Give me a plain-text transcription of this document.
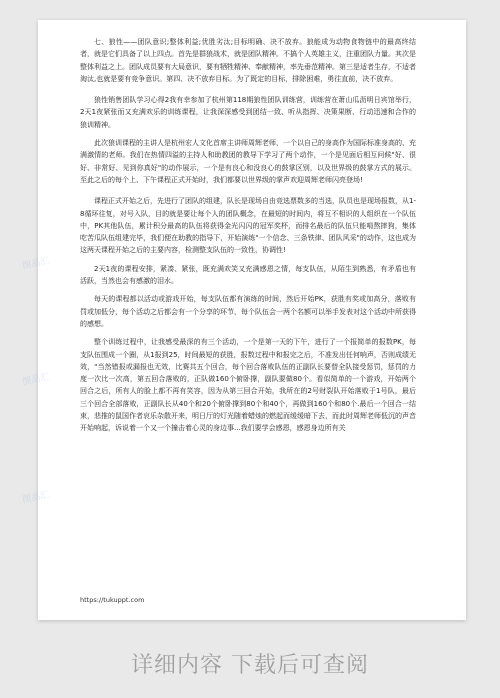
七、狼性——团队意识;整体利益;优胜劣汰;目标明确、决不放弃。狼能成为动物食物链中的最高终结者，就是它们具备了以上四点。首先是群狼战术，就是团队精神。不搞个人英雄主义，注重团队力量。其次是整体利益之上。团队成员要有大局意识，要有牺牲精神、奉献精神，率先垂范精神。第三是适者生存，不适者淘汰,也就是要有竞争意识。第四、决不放弃目标。为了既定的目标，排除困难，勇往直前，决不放弃。

狼性销售团队学习心得2我有幸参加了杭州第118期狼性团队训练营，训练营在萧山瓜沥明日宾馆举行，2天1夜紧张而又充满欢乐的训练课程，让我深深感受到团结一致、听从指挥、决策果断、行动迅速和合作的狼训精神。

此次狼训课程的主讲人是杭州宏人文化首席主讲师周辉老师，一个以自己的身高作为国际标准身高的、充满激情的老师。我们在热情四溢的主持人和助教团的教导下学习了两个动作，一个是见面后相互问候"好、很好、非常好、见到你真好"的动作展示，一个是有良心和没良心的鼓掌区别，以及世界级的鼓掌方式的展示。至此之后的每个上、下午课程正式开始时，我们都要以世界级的掌声欢迎周辉老师闪亮登场!

课程正式开始之后，先进行了团队的组建，队长是现场自由竞选票数多的当选，队员也是现场报数，从1-8循环往复，对号入队，目的就是要让每个人的团队概念，在最短的时间内，将互不相识的人组织在一个队伍中，PK其他队伍，累计积分最高的队伍将获得金光闪闪的冠军奖杯，而排名最后的队伍只能啃熬摔狗，集体吃苦瓜队伍组建完毕，我们便在助教的指导下，开始演练"一个信念、三条铁律、团队风采"的动作，这也成为这两天课程开始之后的主要内容，检测整支队伍的一致性，协调性!

2天1夜的课程安排，紧凑、紧张，既充满欢笑又充满感恩之情，每支队伍，从陌生到熟悉，有矛盾也有活跃，当然也会有感激的泪水。

每天的课程都以活动或游戏开始，每支队伍都有演练的时间，然后开始PK，获胜有奖或加高分，落败有罚或加低分，每个活动之后都会有一个分享的环节，每个队伍会一两个名额可以举手发表对这个活动中所获得的感想。

整个训练过程中，让我感受最深的有三个活动，一个是第一天的下午，进行了一个报简单的报数PK，每支队伍围成一个圈，从1报到25，时间最短的获胜，报数过程中和报完之后，不准发出任何响声，否则成绩无效，"当然错报或漏报也无效，比赛共五个回合，每个回合落败队伍的正副队长要替全队接受惩罚，惩罚的力度一次比一次高，第五回合落败的，正队做160个俯卧撑，副队要做80个。看似简单的一个游戏，开始两个回合之后，所有人的脸上都不再有笑容，因为从第三回合开始，我所在的2号财裂队开始落败于1号队，最后三个回合全部落败，正副队长从40个和20个俯卧撑到80个和40个，再做到160个和80个.最后一个回合一结束，悲推的鼠国作者哀乐杂散开来，明日厅的灯光随着蜡烛的燃起而缓缓暗下去，而此时周辉老师低沉的声音开始响起，诉说着一个又一个撞击着心灵的身边事...我们要学会感恩，感恩身边所有关

https://tukuppt.com
图品汇
图品汇
图品汇
详细内容 下载后可查阅
